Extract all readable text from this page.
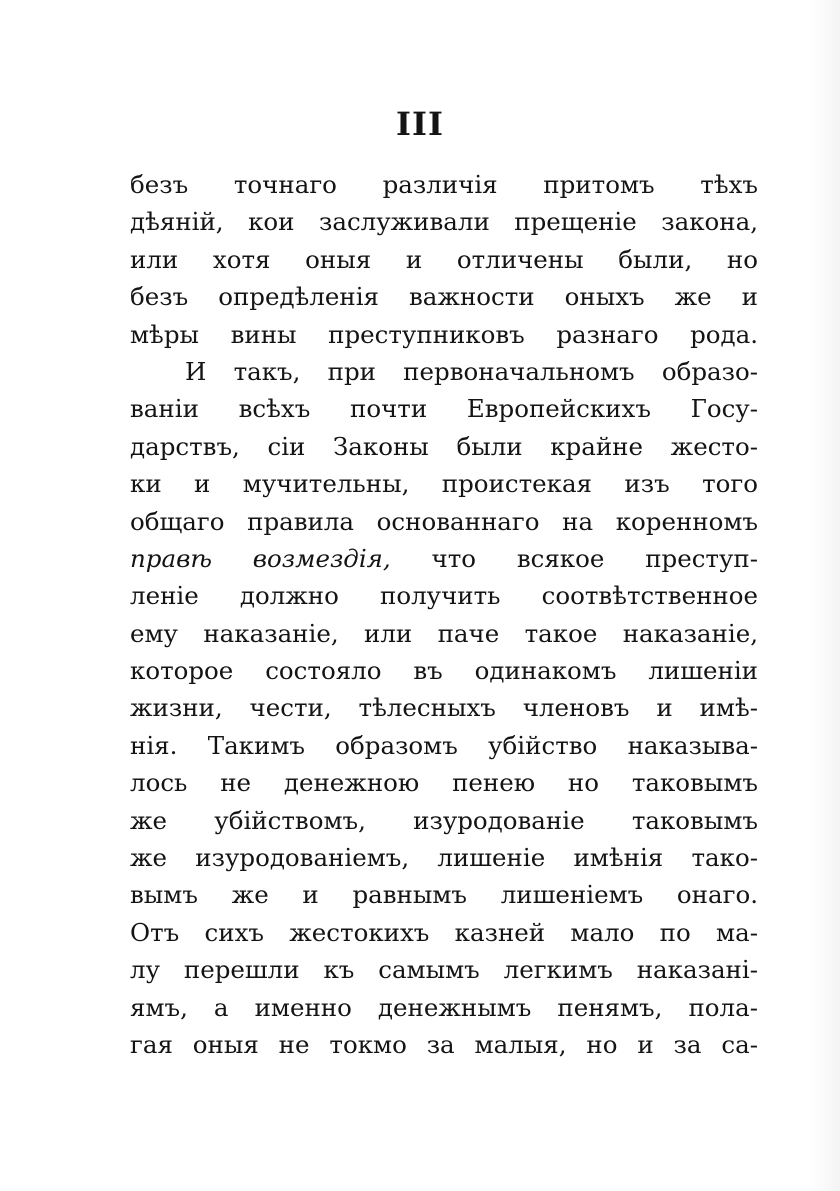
III
безъ точнаго различія притомъ тѣхъ
дѣяній, кои заслуживали прещеніе закона,
или хотя оныя и отличены были, но
безъ опредѣленія важности оныхъ же и
мѣры вины преступниковъ разнаго рода.
И такъ, при первоначальномъ образо-
ваніи всѣхъ почти Европейскихъ Госу-
дарствъ, сіи Законы были крайне жесто-
ки и мучительны, проистекая изъ того
общаго правила основаннаго на коренномъ
правѣ возмездія, что всякое преступ-
леніе должно получить соотвѣтственное
ему наказаніе, или паче такое наказаніе,
которое состояло въ одинакомъ лишеніи
жизни, чести, тѣлесныхъ членовъ и имѣ-
нія. Такимъ образомъ убійство наказыва-
лось не денежною пенею но таковымъ
же убійствомъ, изуродованіе таковымъ
же изуродованіемъ, лишеніе имѣнія тако-
вымъ же и равнымъ лишеніемъ онаго.
Отъ сихъ жестокихъ казней мало по ма-
лу перешли къ самымъ легкимъ наказані-
ямъ, а именно денежнымъ пенямъ, пола-
гая оныя не токмо за малыя, но и за са-
